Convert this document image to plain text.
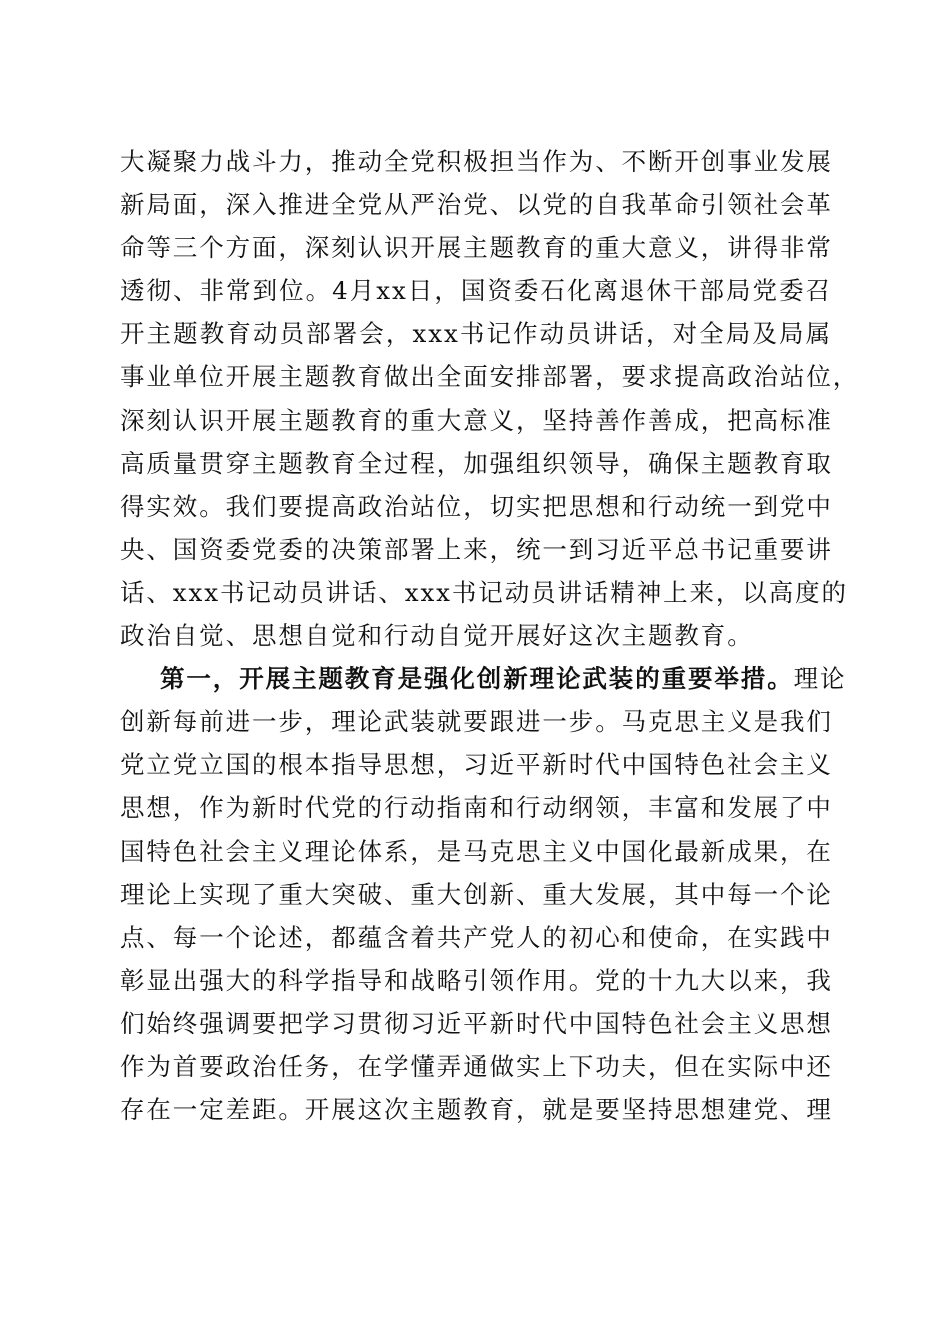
大凝聚力战斗力，推动全党积极担当作为、不断开创事业发展
新局面，深入推进全党从严治党、以党的自我革命引领社会革
命等三个方面，深刻认识开展主题教育的重大意义，讲得非常
透彻、非常到位。4月xx日，国资委石化离退休干部局党委召
开主题教育动员部署会，xxx书记作动员讲话，对全局及局属
事业单位开展主题教育做出全面安排部署，要求提高政治站位，
深刻认识开展主题教育的重大意义，坚持善作善成，把高标准
高质量贯穿主题教育全过程，加强组织领导，确保主题教育取
得实效。我们要提高政治站位，切实把思想和行动统一到党中
央、国资委党委的决策部署上来，统一到习近平总书记重要讲
话、xxx书记动员讲话、xxx书记动员讲话精神上来，以高度的
政治自觉、思想自觉和行动自觉开展好这次主题教育。
第一，开展主题教育是强化创新理论武装的重要举措。理论
创新每前进一步，理论武装就要跟进一步。马克思主义是我们
党立党立国的根本指导思想，习近平新时代中国特色社会主义
思想，作为新时代党的行动指南和行动纲领，丰富和发展了中
国特色社会主义理论体系，是马克思主义中国化最新成果，在
理论上实现了重大突破、重大创新、重大发展，其中每一个论
点、每一个论述，都蕴含着共产党人的初心和使命，在实践中
彰显出强大的科学指导和战略引领作用。党的十九大以来，我
们始终强调要把学习贯彻习近平新时代中国特色社会主义思想
作为首要政治任务，在学懂弄通做实上下功夫，但在实际中还
存在一定差距。开展这次主题教育，就是要坚持思想建党、理
